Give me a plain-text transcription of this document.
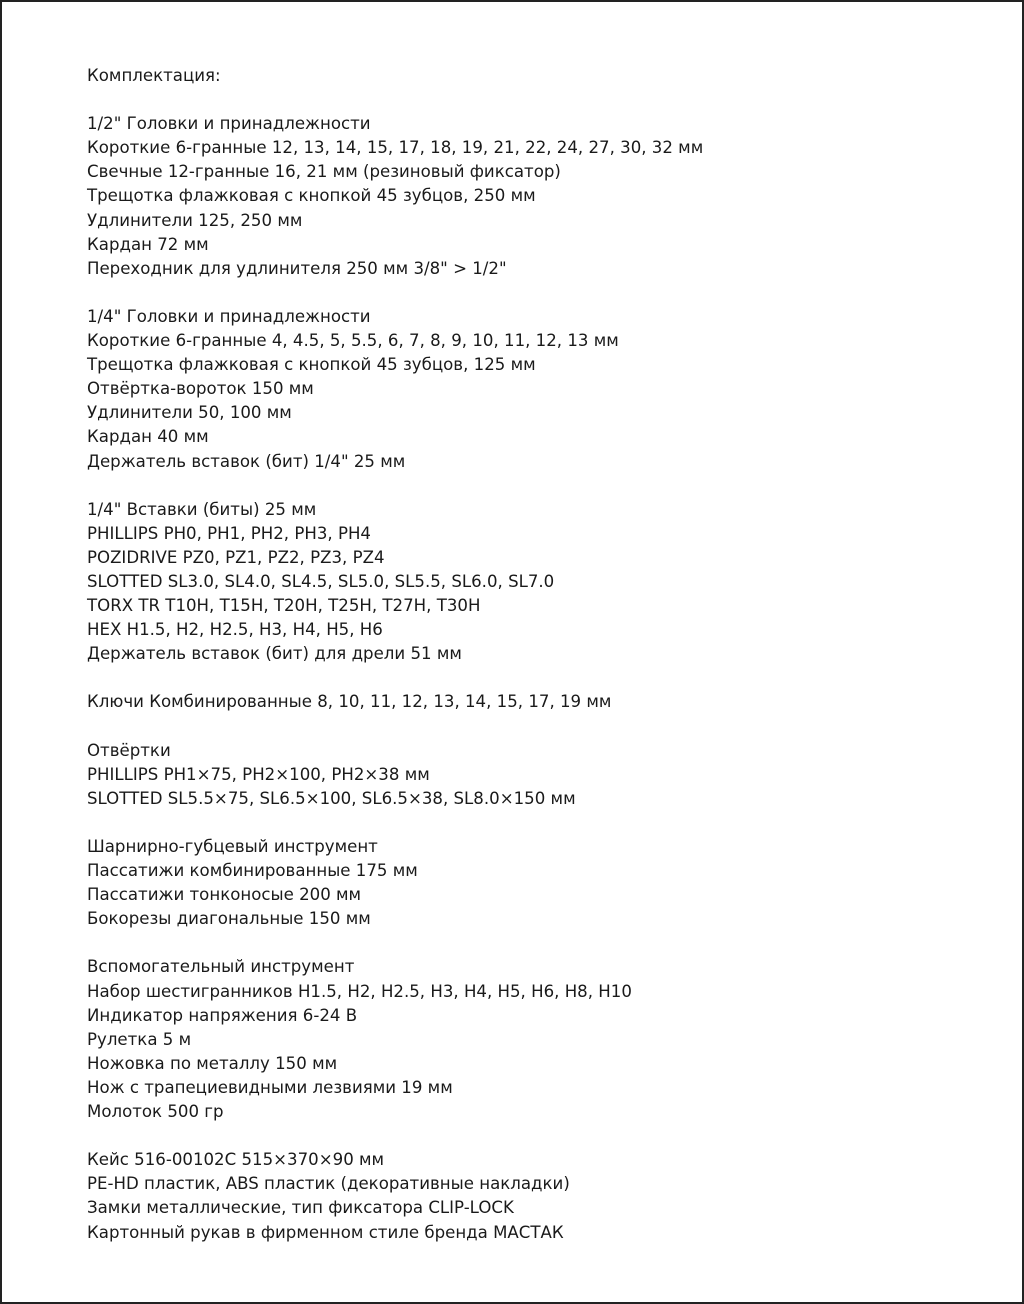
Комплектация:
1/2" Головки и принадлежности
Короткие 6-гранные 12, 13, 14, 15, 17, 18, 19, 21, 22, 24, 27, 30, 32 мм
Свечные 12-гранные 16, 21 мм (резиновый фиксатор)
Трещотка флажковая с кнопкой 45 зубцов, 250 мм
Удлинители 125, 250 мм
Кардан 72 мм
Переходник для удлинителя 250 мм 3/8" > 1/2"
1/4" Головки и принадлежности
Короткие 6-гранные 4, 4.5, 5, 5.5, 6, 7, 8, 9, 10, 11, 12, 13 мм
Трещотка флажковая с кнопкой 45 зубцов, 125 мм
Отвёртка-вороток 150 мм
Удлинители 50, 100 мм
Кардан 40 мм
Держатель вставок (бит) 1/4" 25 мм
1/4" Вставки (биты) 25 мм
PHILLIPS PH0, PH1, PH2, PH3, PH4
POZIDRIVE PZ0, PZ1, PZ2, PZ3, PZ4
SLOTTED SL3.0, SL4.0, SL4.5, SL5.0, SL5.5, SL6.0, SL7.0
TORX TR T10H, T15H, T20H, T25H, T27H, T30H
HEX H1.5, H2, H2.5, H3, H4, H5, H6
Держатель вставок (бит) для дрели 51 мм
Ключи Комбинированные 8, 10, 11, 12, 13, 14, 15, 17, 19 мм
Отвёртки
PHILLIPS PH1×75, PH2×100, PH2×38 мм
SLOTTED SL5.5×75, SL6.5×100, SL6.5×38, SL8.0×150 мм
Шарнирно-губцевый инструмент
Пассатижи комбинированные 175 мм
Пассатижи тонконосые 200 мм
Бокорезы диагональные 150 мм
Вспомогательный инструмент
Набор шестигранников H1.5, H2, H2.5, H3, H4, H5, H6, H8, H10
Индикатор напряжения 6-24 В
Рулетка 5 м
Ножовка по металлу 150 мм
Нож с трапециевидными лезвиями 19 мм
Молоток 500 гр
Кейс 516-00102С 515×370×90 мм
PE-HD пластик, ABS пластик (декоративные накладки)
Замки металлические, тип фиксатора CLIP-LOCK
Картонный рукав в фирменном стиле бренда МАСТАК
